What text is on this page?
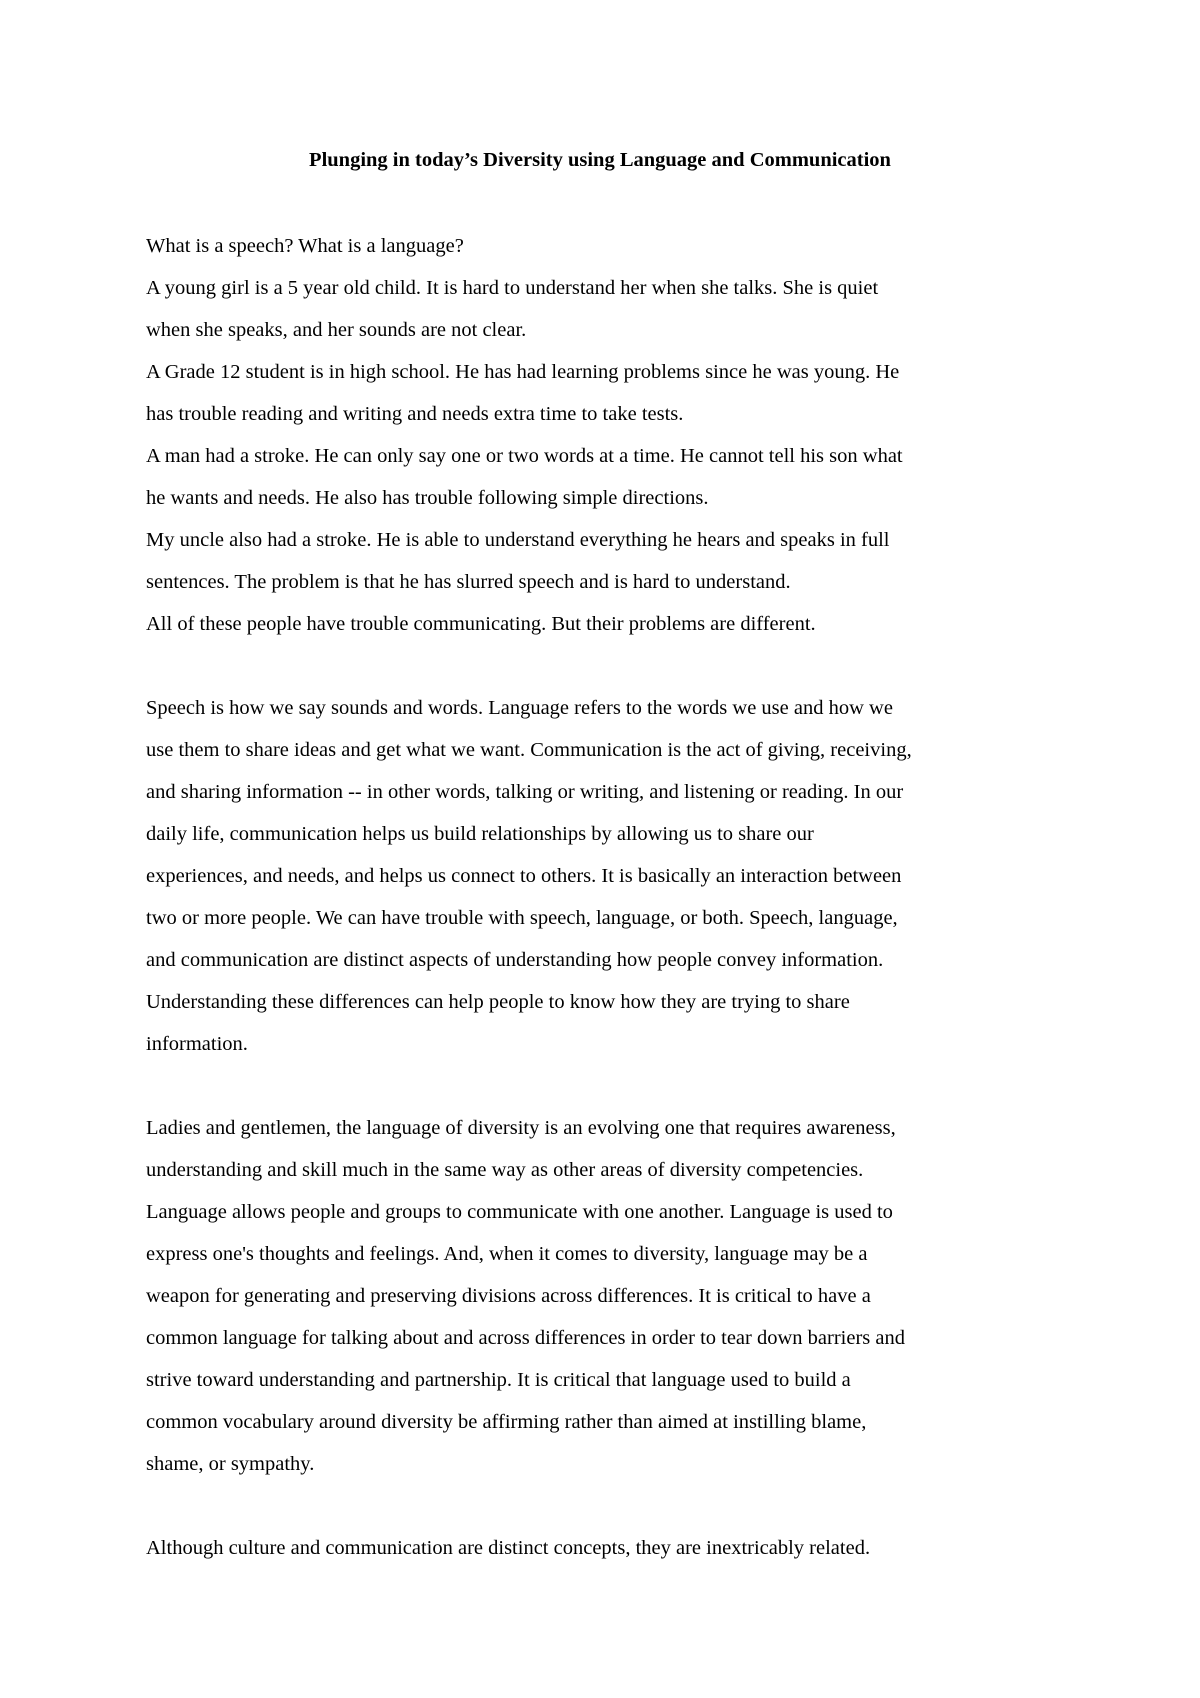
Plunging in today’s Diversity using Language and Communication
What is a speech? What is a language?
A young girl is a 5 year old child. It is hard to understand her when she talks. She is quiet
when she speaks, and her sounds are not clear.
A Grade 12 student is in high school. He has had learning problems since he was young. He
has trouble reading and writing and needs extra time to take tests.
A man had a stroke. He can only say one or two words at a time. He cannot tell his son what
he wants and needs. He also has trouble following simple directions.
My uncle also had a stroke. He is able to understand everything he hears and speaks in full
sentences. The problem is that he has slurred speech and is hard to understand.
All of these people have trouble communicating. But their problems are different.
Speech is how we say sounds and words. Language refers to the words we use and how we
use them to share ideas and get what we want. Communication is the act of giving, receiving,
and sharing information -- in other words, talking or writing, and listening or reading. In our
daily life, communication helps us build relationships by allowing us to share our
experiences, and needs, and helps us connect to others. It is basically an interaction between
two or more people. We can have trouble with speech, language, or both. Speech, language,
and communication are distinct aspects of understanding how people convey information.
Understanding these differences can help people to know how they are trying to share
information.
Ladies and gentlemen, the language of diversity is an evolving one that requires awareness,
understanding and skill much in the same way as other areas of diversity competencies.
Language allows people and groups to communicate with one another. Language is used to
express one's thoughts and feelings. And, when it comes to diversity, language may be a
weapon for generating and preserving divisions across differences. It is critical to have a
common language for talking about and across differences in order to tear down barriers and
strive toward understanding and partnership. It is critical that language used to build a
common vocabulary around diversity be affirming rather than aimed at instilling blame,
shame, or sympathy.
Although culture and communication are distinct concepts, they are inextricably related.
